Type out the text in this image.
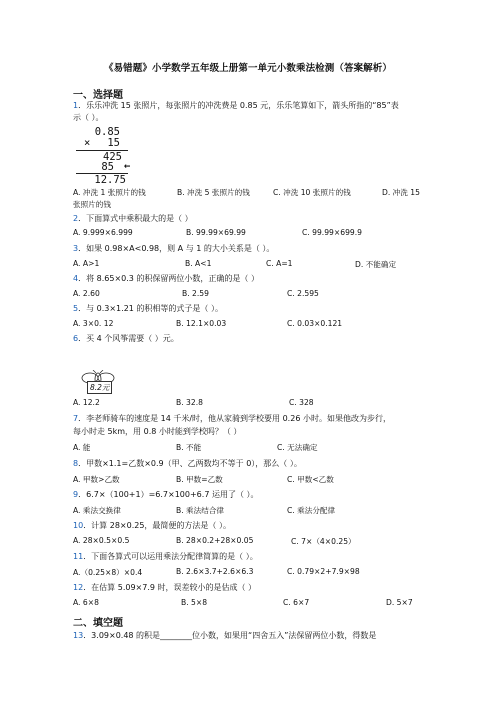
《易错题》小学数学五年级上册第一单元小数乘法检测（答案解析）
一、选择题
1．乐乐冲洗 15 张照片，每张照片的冲洗费是 0.85 元，乐乐笔算如下，箭头所指的“85”表
示（ ）。
0.85
× 15
425
85 ←
12.75
A. 冲洗 1 张照片的钱	B. 冲洗 5 张照片的钱	C. 冲洗 10 张照片的钱	D. 冲洗 15
张照片的钱
2．下面算式中乘积最大的是（ ）
A. 9.999×6.999	B. 99.99×69.99	C. 99.99×699.9
3．如果 0.98×A<0.98，则 A 与 1 的大小关系是（ ）。
A. A>1	B. A<1	C. A=1	D. 不能确定
4．将 8.65×0.3 的积保留两位小数，正确的是（ ）
A. 2.60	B. 2.59	C. 2.595
5．与 0.3×1.21 的积相等的式子是（ ）。
A. 3×0. 12	B. 12.1×0.03	C. 0.03×0.121
6．买 4 个风筝需要（ ）元。
8.2元
A. 12.2	B. 32.8	C. 328
7．李老师骑车的速度是 14 千米/时，他从家骑到学校要用 0.26 小时。如果他改为步行，
每小时走 5km，用 0.8 小时能到学校吗？（ ）
A. 能	B. 不能	C. 无法确定
8．甲数×1.1=乙数×0.9（甲、乙两数均不等于 0），那么（ ）。
A. 甲数>乙数	B. 甲数=乙数	C. 甲数<乙数
9．6.7×（100+1）=6.7×100+6.7 运用了（ ）。
A. 乘法交换律	B. 乘法结合律	C. 乘法分配律
10．计算 28×0.25，最简便的方法是（ ）。
A. 28×0.5×0.5	B. 28×0.2+28×0.05	C. 7×（4×0.25）
11．下面各算式可以运用乘法分配律简算的是（ ）。
A.（0.25×8）×0.4	B. 2.6×3.7+2.6×6.3	C. 0.79×2+7.9×98
12．在估算 5.09×7.9 时，误差较小的是估成（ ）
A. 6×8	B. 5×8	C. 6×7	D. 5×7
二、填空题
13．3.09×0.48 的积是________位小数，如果用“四舍五入”法保留两位小数，得数是
